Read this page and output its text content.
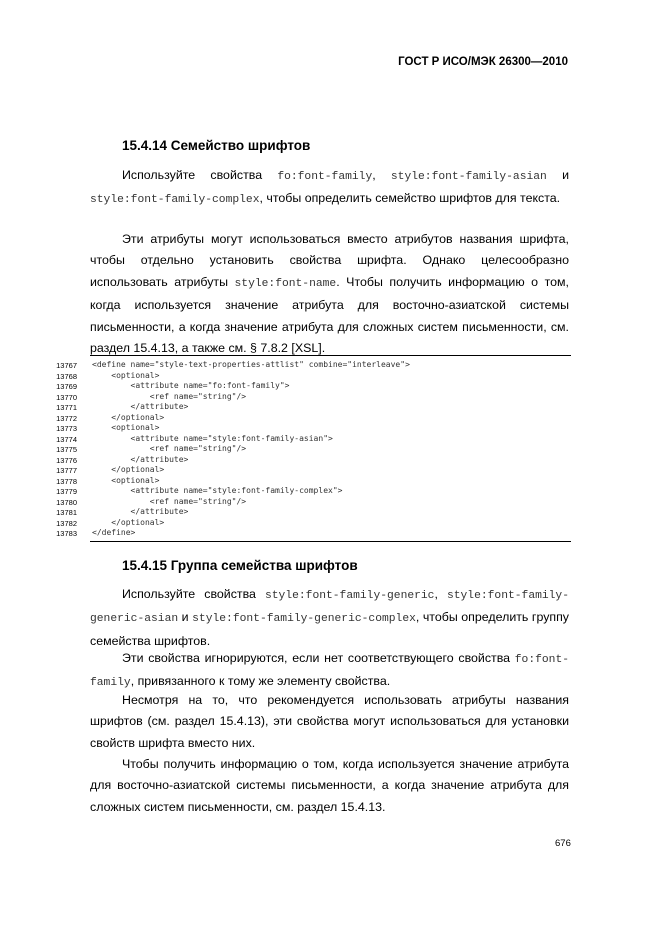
ГОСТ Р ИСО/МЭК 26300—2010
15.4.14 Семейство шрифтов
Используйте свойства fo:font-family, style:font-family-asian и style:font-family-complex, чтобы определить семейство шрифтов для текста.
Эти атрибуты могут использоваться вместо атрибутов названия шрифта, чтобы отдельно установить свойства шрифта. Однако целесообразно использовать атрибуты style:font-name. Чтобы получить информацию о том, когда используется значение атрибута для восточно-азиатской системы письменности, а когда значение атрибута для сложных систем письменности, см. раздел 15.4.13, а также см. § 7.8.2 [XSL].
13767
13768
13769
13770
13771
13772
13773
13774
13775
13776
13777
13778
13779
13780
13781
13782
13783
<define name="style-text-properties-attlist" combine="interleave">
<optional>
<attribute name="fo:font-family">
<ref name="string"/>
</attribute>
</optional>
<optional>
<attribute name="style:font-family-asian">
<ref name="string"/>
</attribute>
</optional>
<optional>
<attribute name="style:font-family-complex">
<ref name="string"/>
</attribute>
</optional>
</define>
15.4.15 Группа семейства шрифтов
Используйте свойства style:font-family-generic, style:font-family-generic-asian и style:font-family-generic-complex, чтобы определить группу семейства шрифтов.
Эти свойства игнорируются, если нет соответствующего свойства fo:font-family, привязанного к тому же элементу свойства.
Несмотря на то, что рекомендуется использовать атрибуты названия шрифтов (см. раздел 15.4.13), эти свойства могут использоваться для установки свойств шрифта вместо них.
Чтобы получить информацию о том, когда используется значение атрибута для восточно-азиатской системы письменности, а когда значение атрибута для сложных систем письменности, см. раздел 15.4.13.
676
